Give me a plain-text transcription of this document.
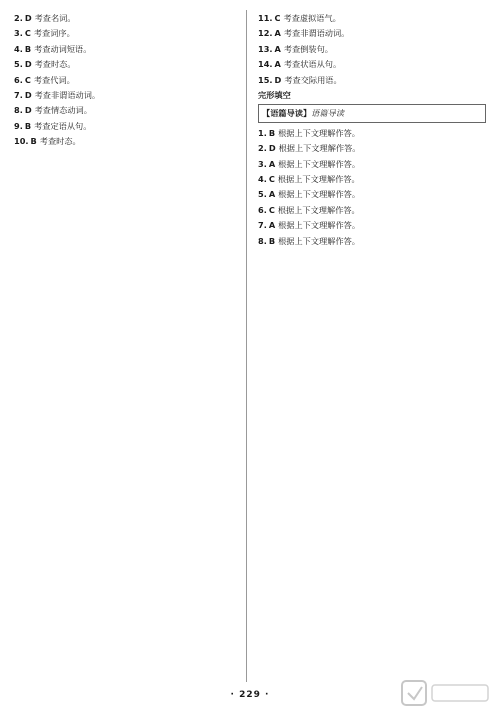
2. D 考查名词。
3. C 考查词序。
4. B 考查动词短语。
5. D 考查时态。
6. C 考查代词。
7. D 考查非谓语动词。
8. D 考查情态动词。
9. B 考查定语从句。
10. B 考查时态。
11. C 考查虚拟语气。
12. A 考查非谓语动词。
13. A 考查倒装句。
14. A 考查状语从句。
15. D 考查交际用语。
完形填空
【语篇导读】语篇导读
1. B 根据上下文理解作答。
2. D 根据上下文理解作答。
3. A 根据上下文理解作答。
4. C 根据上下文理解作答。
5. A 根据上下文理解作答。
6. C 根据上下文理解作答。
7. A 根据上下文理解作答。
8. B 根据上下文理解作答。
· 229 ·
